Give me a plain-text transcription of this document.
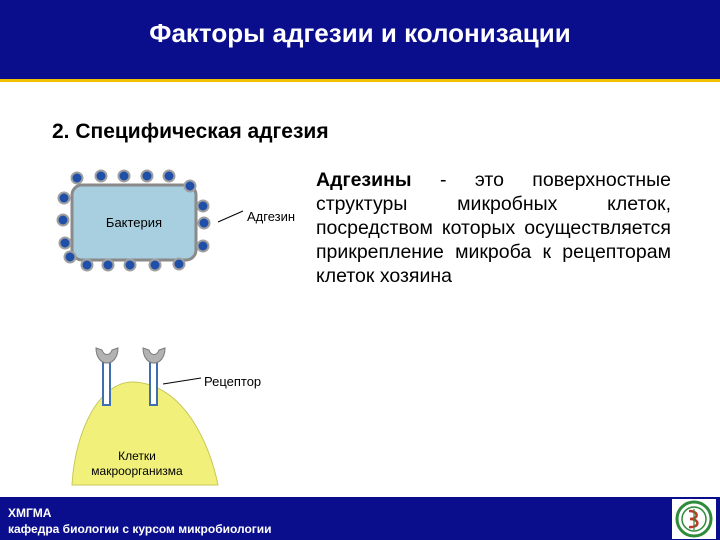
Факторы адгезии и колонизации
2. Специфическая адгезия
Бактерия	Адгезин
Рецептор
Клетки
макроорганизма
Адгезины - это поверхностные структуры микробных клеток, посредством которых осуществляется прикрепление микроба к рецепторам клеток хозяина
ХМГМА
кафедра биологии с курсом микробиологии
